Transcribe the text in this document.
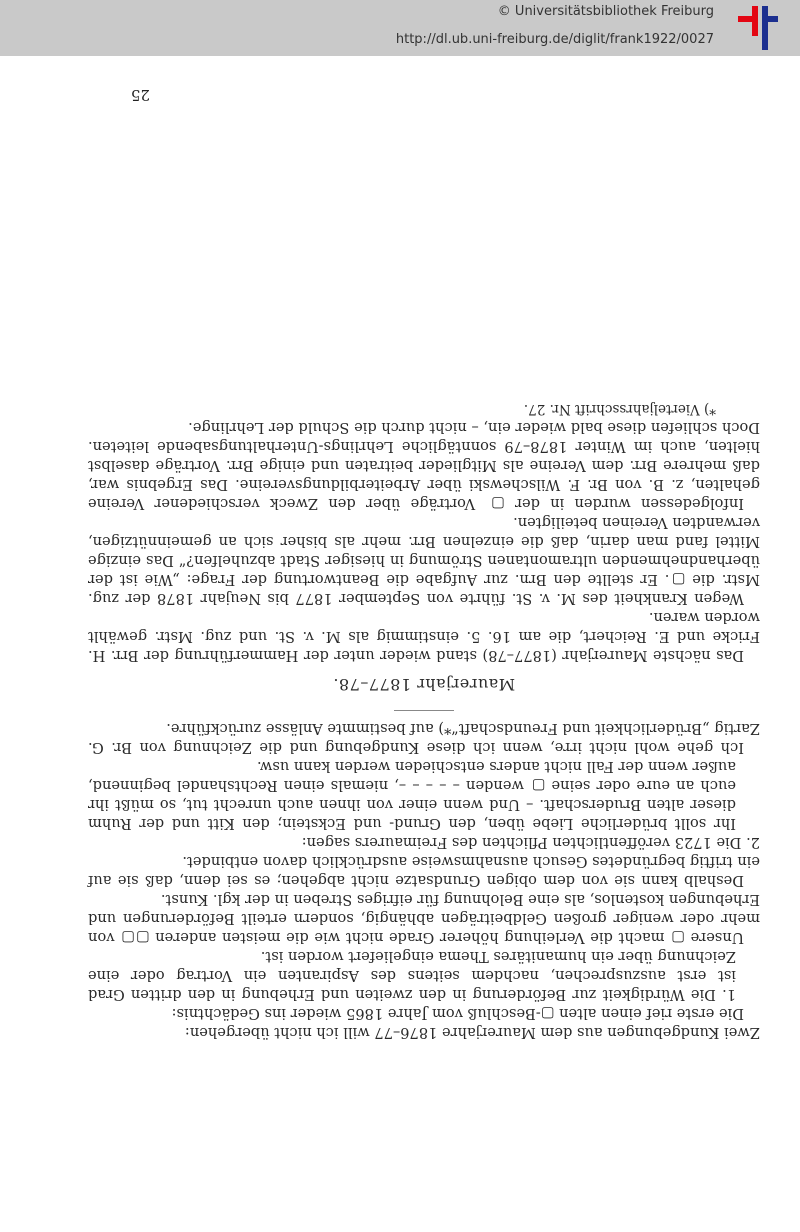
© Universitätsbibliothek Freiburg
http://dl.ub.uni-freiburg.de/diglit/frank1922/0027

Zwei Kundgebungen aus dem Maurerjahre 1876–77 will ich nicht übergehen:

Die erste rief einen alten ▢-Beschluß vom Jahre 1865 wieder ins Gedächtnis:

1. Die Würdigkeit zur Beförderung in den zweiten und Erhebung in den dritten Grad ist erst auszusprechen, nachdem seitens des Aspiranten ein Vortrag oder eine Zeichnung über ein humanitäres Thema eingeliefert worden ist.

Unsere ▢ macht die Verleihung höherer Grade nicht wie die meisten anderen ▢▢ von mehr oder weniger großen Geldbeiträgen abhängig, sondern erteilt Beförderungen und Erhebungen kostenlos, als eine Belohnung für eifriges Streben in der kgl. Kunst.

Deshalb kann sie von dem obigen Grundsatze nicht abgehen; es sei denn, daß sie auf ein triftig begründetes Gesuch ausnahmsweise ausdrücklich davon entbindet.

2. Die 1723 veröffentlichten Pflichten des Freimaurers sagen:

Ihr sollt brüderliche Liebe üben, den Grund- und Eckstein; den Kitt und der Ruhm dieser alten Bruderschaft. – Und wenn einer von ihnen auch unrecht tut, so müßt ihr euch an eure oder seine ▢ wenden – – – – –, niemals einen Rechtshandel beginnend, außer wenn der Fall nicht anders entschieden werden kann usw.

Ich gehe wohl nicht irre, wenn ich diese Kundgebung und die Zeichnung von Br. G. Zartig „Brüderlichkeit und Freundschaft“*) auf bestimmte Anlässe zurückführe.

Maurerjahr 1877–78.

Das nächste Maurerjahr (1877–78) stand wieder unter der Hammerführung der Brr. H. Fricke und E. Reichert, die am 16. 5. einstimmig als M. v. St. und zug. Mstr. gewählt worden waren.

Wegen Krankheit des M. v. St. führte von September 1877 bis Neujahr 1878 der zug. Mstr. die ▢. Er stellte den Brn. zur Aufgabe die Beantwortung der Frage: „Wie ist der überhandnehmenden ultramontanen Strömung in hiesiger Stadt abzuhelfen?“ Das einzige Mittel fand man darin, daß die einzelnen Brr. mehr als bisher sich an gemeinnützigen, verwandten Vereinen beteiligten.

Infolgedessen wurden in der ▢ Vorträge über den Zweck verschiedener Vereine gehalten, z. B. von Br. F. Wilschewski über Arbeiterbildungsvereine. Das Ergebnis war, daß mehrere Brr. dem Vereine als Mitglieder beitraten und einige Brr. Vorträge daselbst hielten, auch im Winter 1878–79 sonntägliche Lehrlings-Unterhaltungsabende leiteten. Doch schliefen diese bald wieder ein, – nicht durch die Schuld der Lehrlinge.

*) Vierteljahrsschrift Nr. 27.

25
